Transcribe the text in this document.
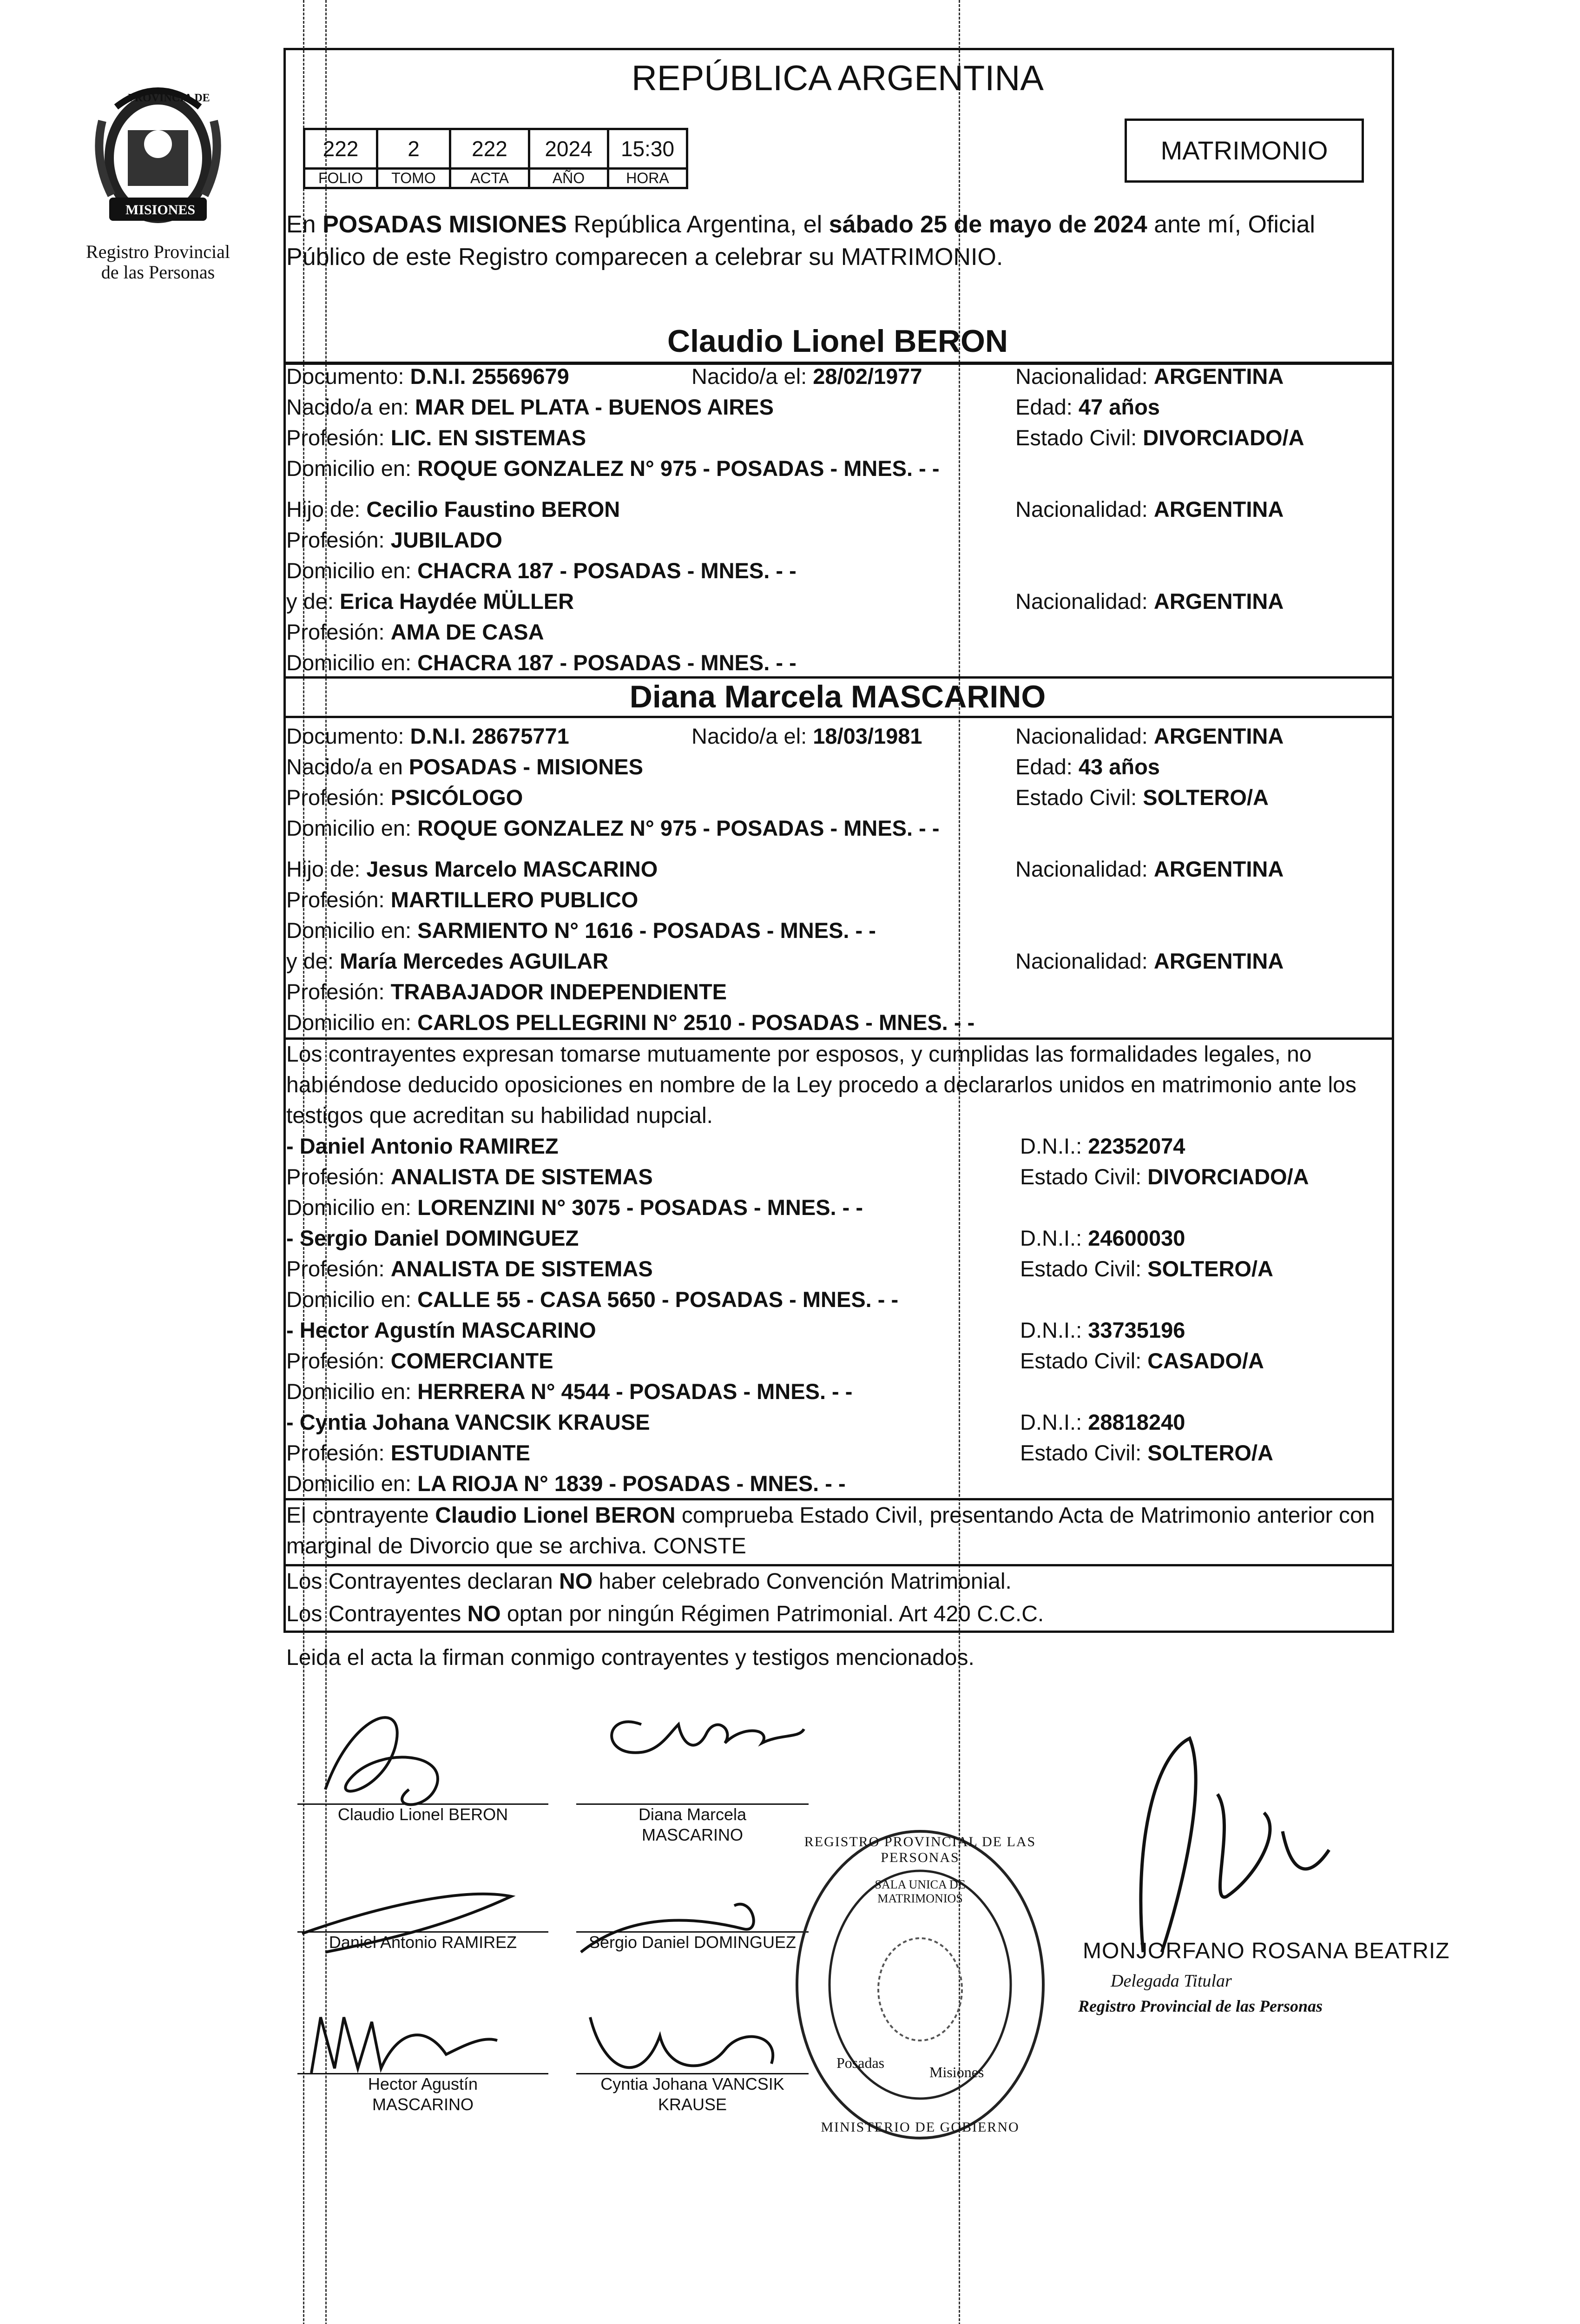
PROVINCIA DE
MISIONES
Registro Provincial
de las Personas
REPÚBLICA ARGENTINA
222	2	222	2024	15:30
FOLIO	TOMO	ACTA	AÑO	HORA
MATRIMONIO
En POSADAS MISIONES República Argentina, el sábado 25 de mayo de 2024 ante mí, Oficial Público de este Registro comparecen a celebrar su MATRIMONIO.
Claudio Lionel BERON
Documento: D.N.I. 25569679	Nacido/a el: 28/02/1977	Nacionalidad: ARGENTINA
Nacido/a en: MAR DEL PLATA - BUENOS AIRES	Edad: 47 años
Profesión: LIC. EN SISTEMAS	Estado Civil: DIVORCIADO/A
Domicilio en: ROQUE GONZALEZ N° 975 - POSADAS - MNES. - -
Hijo de: Cecilio Faustino BERON	Nacionalidad: ARGENTINA
Profesión: JUBILADO
Domicilio en: CHACRA 187 - POSADAS - MNES. - -
y de: Erica Haydée MÜLLER	Nacionalidad: ARGENTINA
Profesión: AMA DE CASA
Domicilio en: CHACRA 187 - POSADAS - MNES. - -
Diana Marcela MASCARINO
Documento: D.N.I. 28675771	Nacido/a el: 18/03/1981	Nacionalidad: ARGENTINA
Nacido/a en POSADAS - MISIONES	Edad: 43 años
Profesión: PSICÓLOGO	Estado Civil: SOLTERO/A
Domicilio en: ROQUE GONZALEZ N° 975 - POSADAS - MNES. - -
Hijo de: Jesus Marcelo MASCARINO	Nacionalidad: ARGENTINA
Profesión: MARTILLERO PUBLICO
Domicilio en: SARMIENTO N° 1616 - POSADAS - MNES. - -
y de: María Mercedes AGUILAR	Nacionalidad: ARGENTINA
Profesión: TRABAJADOR INDEPENDIENTE
Domicilio en: CARLOS PELLEGRINI N° 2510 - POSADAS - MNES. - -
Los contrayentes expresan tomarse mutuamente por esposos, y cumplidas las formalidades legales, no habiéndose deducido oposiciones en nombre de la Ley procedo a declararlos unidos en matrimonio ante los testigos que acreditan su habilidad nupcial.
- Daniel Antonio RAMIREZ	D.N.I.: 22352074
Profesión: ANALISTA DE SISTEMAS	Estado Civil: DIVORCIADO/A
Domicilio en: LORENZINI N° 3075 - POSADAS - MNES. - -
- Sergio Daniel DOMINGUEZ	D.N.I.: 24600030
Profesión: ANALISTA DE SISTEMAS	Estado Civil: SOLTERO/A
Domicilio en: CALLE 55 - CASA 5650 - POSADAS - MNES. - -
- Hector Agustín MASCARINO	D.N.I.: 33735196
Profesión: COMERCIANTE	Estado Civil: CASADO/A
Domicilio en: HERRERA N° 4544 - POSADAS - MNES. - -
- Cyntia Johana VANCSIK KRAUSE	D.N.I.: 28818240
Profesión: ESTUDIANTE	Estado Civil: SOLTERO/A
Domicilio en: LA RIOJA N° 1839 - POSADAS - MNES. - -
El contrayente Claudio Lionel BERON comprueba Estado Civil, presentando Acta de Matrimonio anterior con marginal de Divorcio que se archiva. CONSTE
Los Contrayentes declaran NO haber celebrado Convención Matrimonial.
Los Contrayentes NO optan por ningún Régimen Patrimonial. Art 420 C.C.C.
Leida el acta la firman conmigo contrayentes y testigos mencionados.
Claudio Lionel BERON	Diana Marcela
MASCARINO
Daniel Antonio RAMIREZ	Sergio Daniel DOMINGUEZ
Hector Agustín
MASCARINO
Cyntia Johana VANCSIK
KRAUSE
REGISTRO PROVINCIAL DE LAS PERSONAS
SALA UNICA DE MATRIMONIOS
Posadas
Misiones
MINISTERIO DE GOBIERNO
MONJORFANO ROSANA BEATRIZ
Delegada Titular
Registro Provincial de las Personas
